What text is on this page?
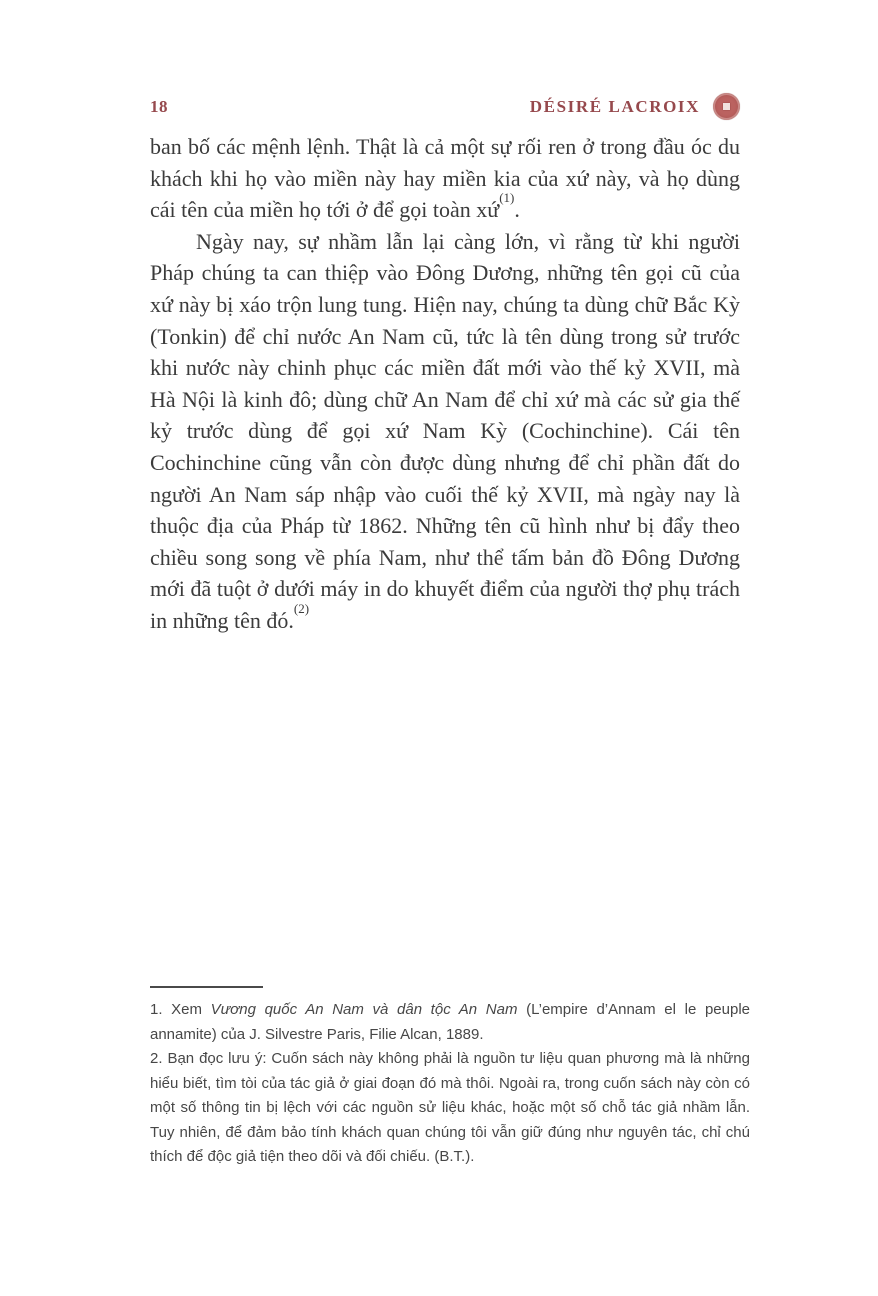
18	DÉSIRÉ LACROIX

ban bố các mệnh lệnh. Thật là cả một sự rối ren ở trong đầu óc du khách khi họ vào miền này hay miền kia của xứ này, và họ dùng cái tên của miền họ tới ở để gọi toàn xứ$^{(1)}$.

Ngày nay, sự nhầm lẫn lại càng lớn, vì rằng từ khi người Pháp chúng ta can thiệp vào Đông Dương, những tên gọi cũ của xứ này bị xáo trộn lung tung. Hiện nay, chúng ta dùng chữ Bắc Kỳ (Tonkin) để chỉ nước An Nam cũ, tức là tên dùng trong sử trước khi nước này chinh phục các miền đất mới vào thế kỷ XVII, mà Hà Nội là kinh đô; dùng chữ An Nam để chỉ xứ mà các sử gia thế kỷ trước dùng để gọi xứ Nam Kỳ (Cochinchine). Cái tên Cochinchine cũng vẫn còn được dùng nhưng để chỉ phần đất do người An Nam sáp nhập vào cuối thế kỷ XVII, mà ngày nay là thuộc địa của Pháp từ 1862. Những tên cũ hình như bị đẩy theo chiều song song về phía Nam, như thể tấm bản đồ Đông Dương mới đã tuột ở dưới máy in do khuyết điểm của người thợ phụ trách in những tên đó.$^{(2)}$

1. Xem Vương quốc An Nam và dân tộc An Nam (L’empire d’Annam el le peuple annamite) của J. Silvestre Paris, Filie Alcan, 1889.

2. Bạn đọc lưu ý: Cuốn sách này không phải là nguồn tư liệu quan phương mà là những hiểu biết, tìm tòi của tác giả ở giai đoạn đó mà thôi. Ngoài ra, trong cuốn sách này còn có một số thông tin bị lệch với các nguồn sử liệu khác, hoặc một số chỗ tác giả nhầm lẫn. Tuy nhiên, để đảm bảo tính khách quan chúng tôi vẫn giữ đúng như nguyên tác, chỉ chú thích để độc giả tiện theo dõi và đối chiếu. (B.T.).
